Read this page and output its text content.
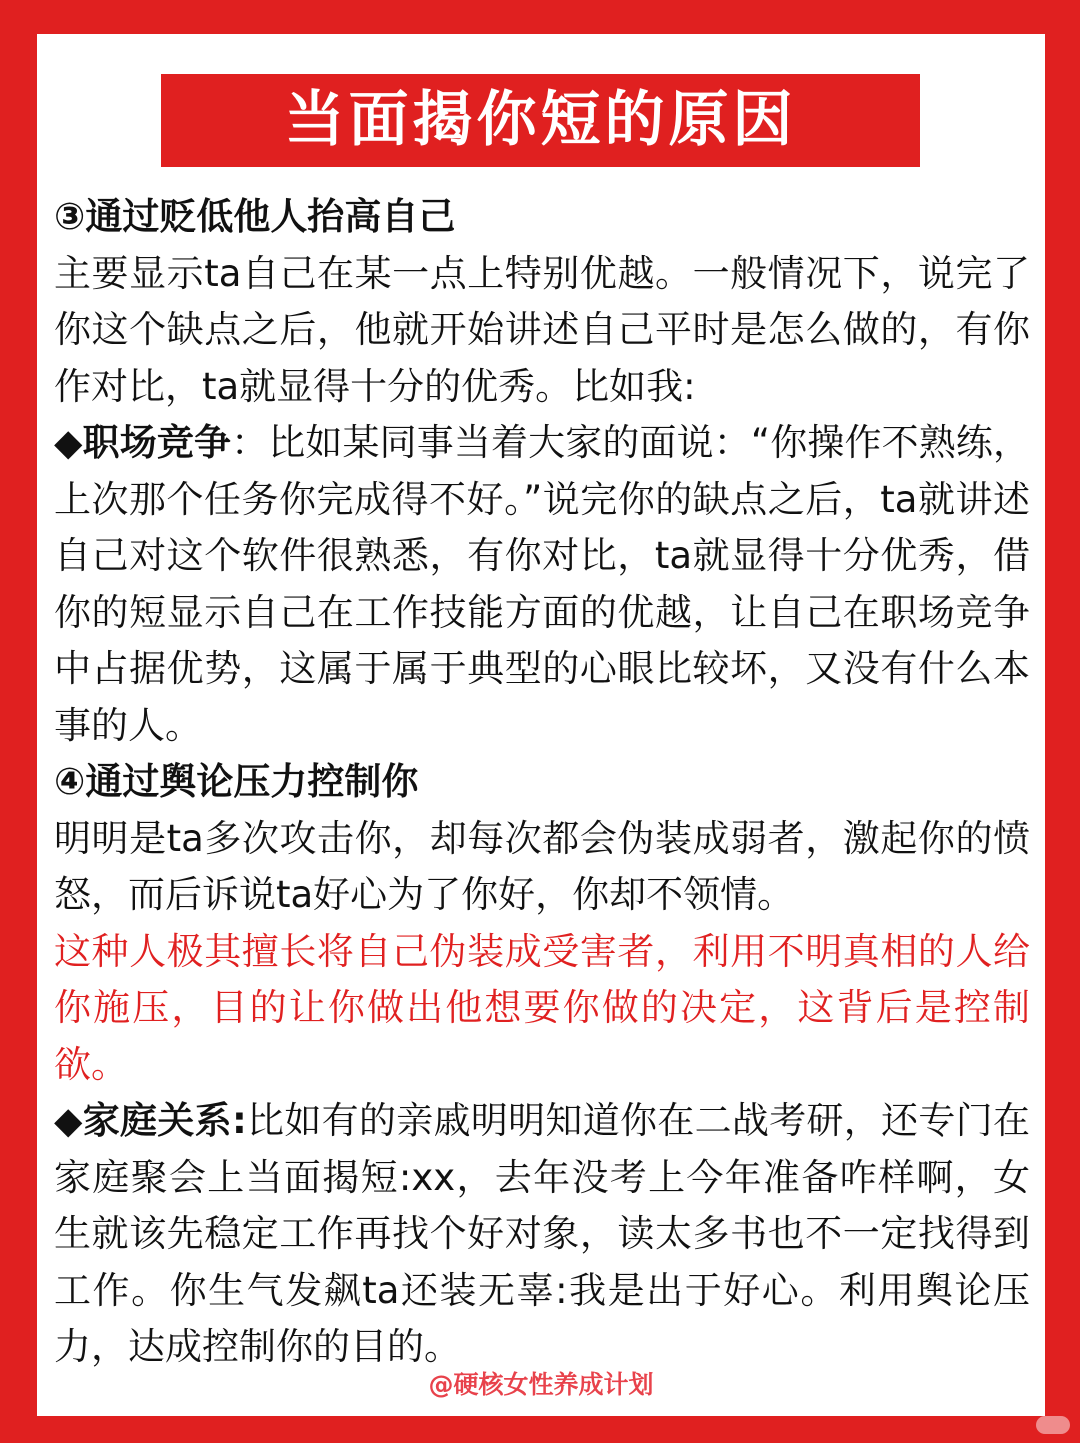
当面揭你短的原因

③通过贬低他人抬高自己

主要显示ta自己在某一点上特别优越。一般情况下，说完了你这个缺点之后，他就开始讲述自己平时是怎么做的，有你作对比，ta就显得十分的优秀。比如我:

◆职场竞争：比如某同事当着大家的面说：“你操作不熟练，上次那个任务你完成得不好。”说完你的缺点之后，ta就讲述自己对这个软件很熟悉，有你对比，ta就显得十分优秀，借你的短显示自己在工作技能方面的优越，让自己在职场竞争中占据优势，这属于属于典型的心眼比较坏，又没有什么本事的人。

④通过舆论压力控制你

明明是ta多次攻击你，却每次都会伪装成弱者，激起你的愤怒，而后诉说ta好心为了你好，你却不领情。

这种人极其擅长将自己伪装成受害者，利用不明真相的人给你施压，目的让你做出他想要你做的决定，这背后是控制欲。

◆家庭关系:比如有的亲戚明明知道你在二战考研，还专门在家庭聚会上当面揭短:xx，去年没考上今年准备咋样啊，女生就该先稳定工作再找个好对象，读太多书也不一定找得到工作。你生气发飙ta还装无辜:我是出于好心。利用舆论压力，达成控制你的目的。

@硬核女性养成计划
